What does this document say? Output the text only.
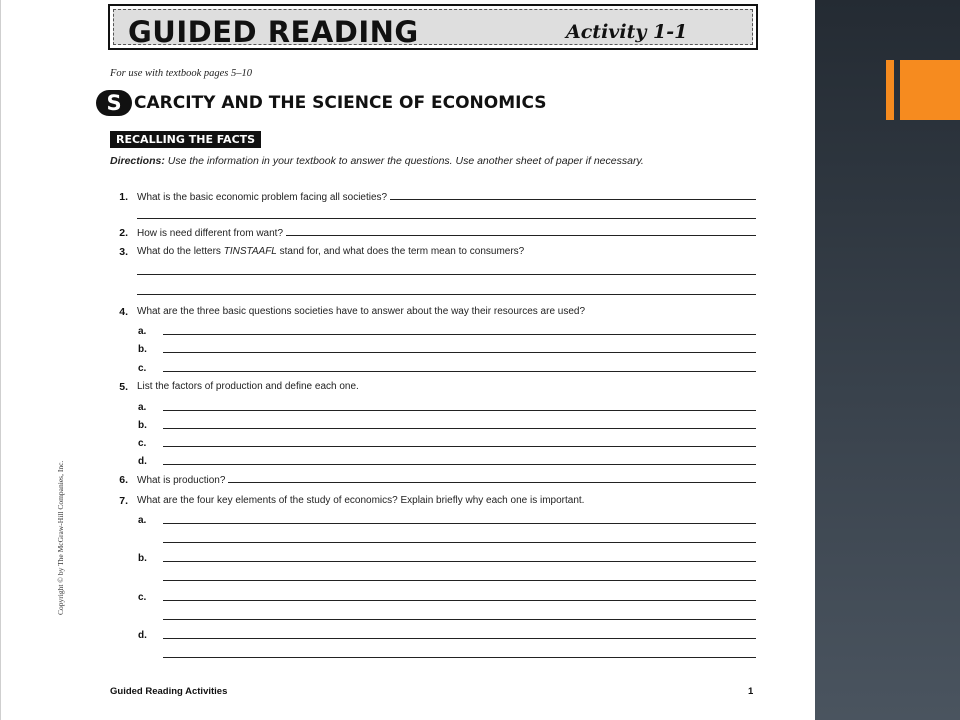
GUIDED READING	Activity 1-1
For use with textbook pages 5–10
S CARCITY AND THE SCIENCE OF ECONOMICS
RECALLING THE FACTS
Directions: Use the information in your textbook to answer the questions. Use another sheet of paper if necessary.
1. What is the basic economic problem facing all societies?
2. How is need different from want?
3. What do the letters TINSTAAFL stand for, and what does the term mean to consumers?
4. What are the three basic questions societies have to answer about the way their resources are used?
a.
b.
c.
5. List the factors of production and define each one.
a.
b.
c.
d.
6. What is production?
7. What are the four key elements of the study of economics? Explain briefly why each one is important.
a.
b.
c.
d.
Copyright © by The McGraw-Hill Companies, Inc.
Guided Reading Activities	1
